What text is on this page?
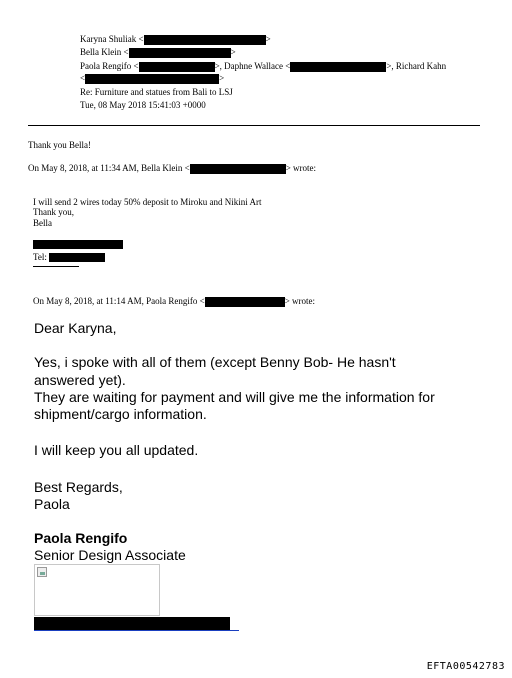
Karyna Shuliak <	>
Bella Klein <	>
Paola Rengifo <	>, Daphne Wallace <	>, Richard Kahn
<	>
Re: Furniture and statues from Bali to LSJ
Tue, 08 May 2018 15:41:03 +0000
Thank you Bella!
On May 8, 2018, at 11:34 AM, Bella Klein <	> wrote:
I will send 2 wires today 50% deposit to Miroku and Nikini Art
Thank you,
Bella
Tel:
On May 8, 2018, at 11:14 AM, Paola Rengifo <	> wrote:
Dear Karyna,
Yes, i spoke with all of them (except Benny Bob- He hasn't
answered yet).
They are waiting for payment and will give me the information for
shipment/cargo information.
I will keep you all updated.
Best Regards,
Paola
Paola Rengifo
Senior Design Associate
EFTA00542783
